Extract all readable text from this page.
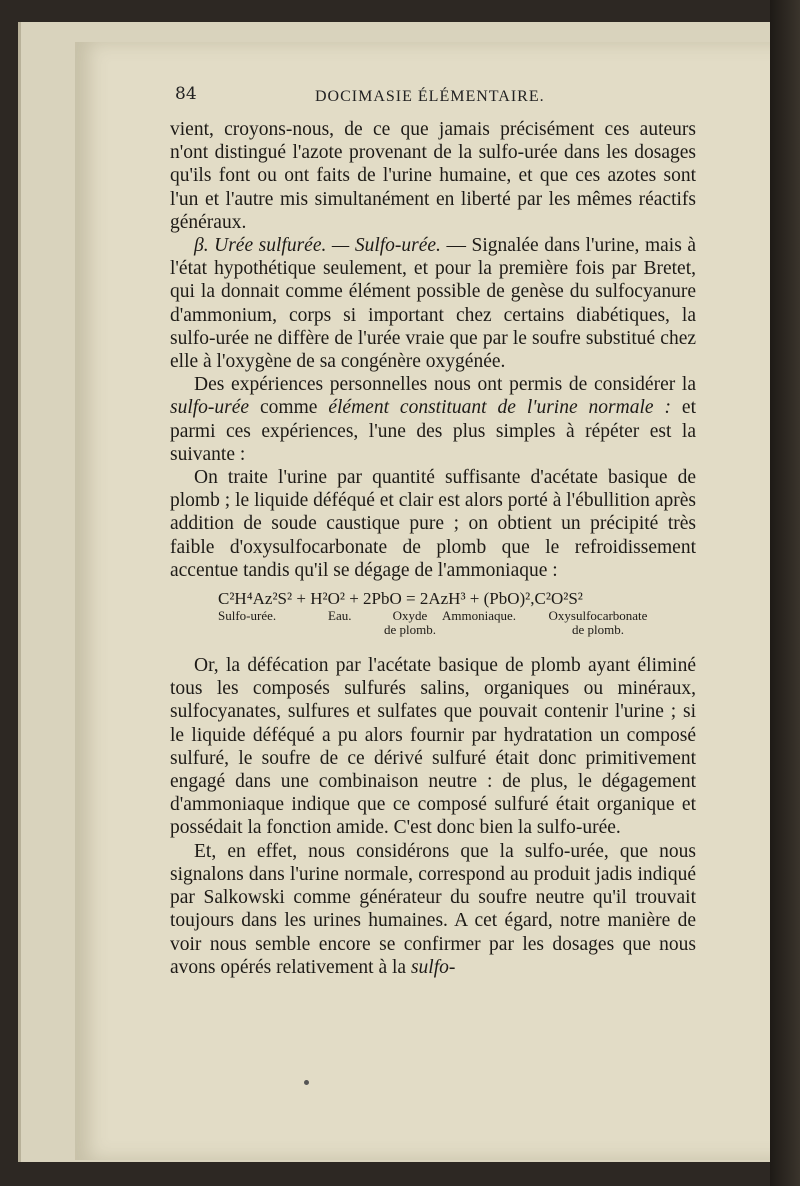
84	DOCIMASIE ÉLÉMENTAIRE.

vient, croyons-nous, de ce que jamais précisément ces auteurs n'ont distingué l'azote provenant de la sulfo-urée dans les dosages qu'ils font ou ont faits de l'urine humaine, et que ces azotes sont l'un et l'autre mis simultanément en liberté par les mêmes réactifs généraux.

β. Urée sulfurée. — Sulfo-urée. — Signalée dans l'urine, mais à l'état hypothétique seulement, et pour la première fois par Bretet, qui la donnait comme élément possible de genèse du sulfocyanure d'ammonium, corps si important chez certains diabétiques, la sulfo-urée ne diffère de l'urée vraie que par le soufre substitué chez elle à l'oxygène de sa congénère oxygénée.

Des expériences personnelles nous ont permis de considérer la sulfo-urée comme élément constituant de l'urine normale : et parmi ces expériences, l'une des plus simples à répéter est la suivante :

On traite l'urine par quantité suffisante d'acétate basique de plomb ; le liquide déféqué et clair est alors porté à l'ébullition après addition de soude caustique pure ; on obtient un précipité très faible d'oxysulfocarbonate de plomb que le refroidissement accentue tandis qu'il se dégage de l'ammoniaque :

C²H⁴Az²S² + H²O² + 2PbO = 2AzH³ + (PbO)²,C²O²S²
Sulfo-urée.	Eau.	Oxyde
de plomb.
Ammoniaque.	Oxysulfocarbonate
de plomb.

Or, la défécation par l'acétate basique de plomb ayant éliminé tous les composés sulfurés salins, organiques ou minéraux, sulfocyanates, sulfures et sulfates que pouvait contenir l'urine ; si le liquide déféqué a pu alors fournir par hydratation un composé sulfuré, le soufre de ce dérivé sulfuré était donc primitivement engagé dans une combinaison neutre : de plus, le dégagement d'ammoniaque indique que ce composé sulfuré était organique et possédait la fonction amide. C'est donc bien la sulfo-urée.

Et, en effet, nous considérons que la sulfo-urée, que nous signalons dans l'urine normale, correspond au produit jadis indiqué par Salkowski comme générateur du soufre neutre qu'il trouvait toujours dans les urines humaines. A cet égard, notre manière de voir nous semble encore se confirmer par les dosages que nous avons opérés relativement à la sulfo-
